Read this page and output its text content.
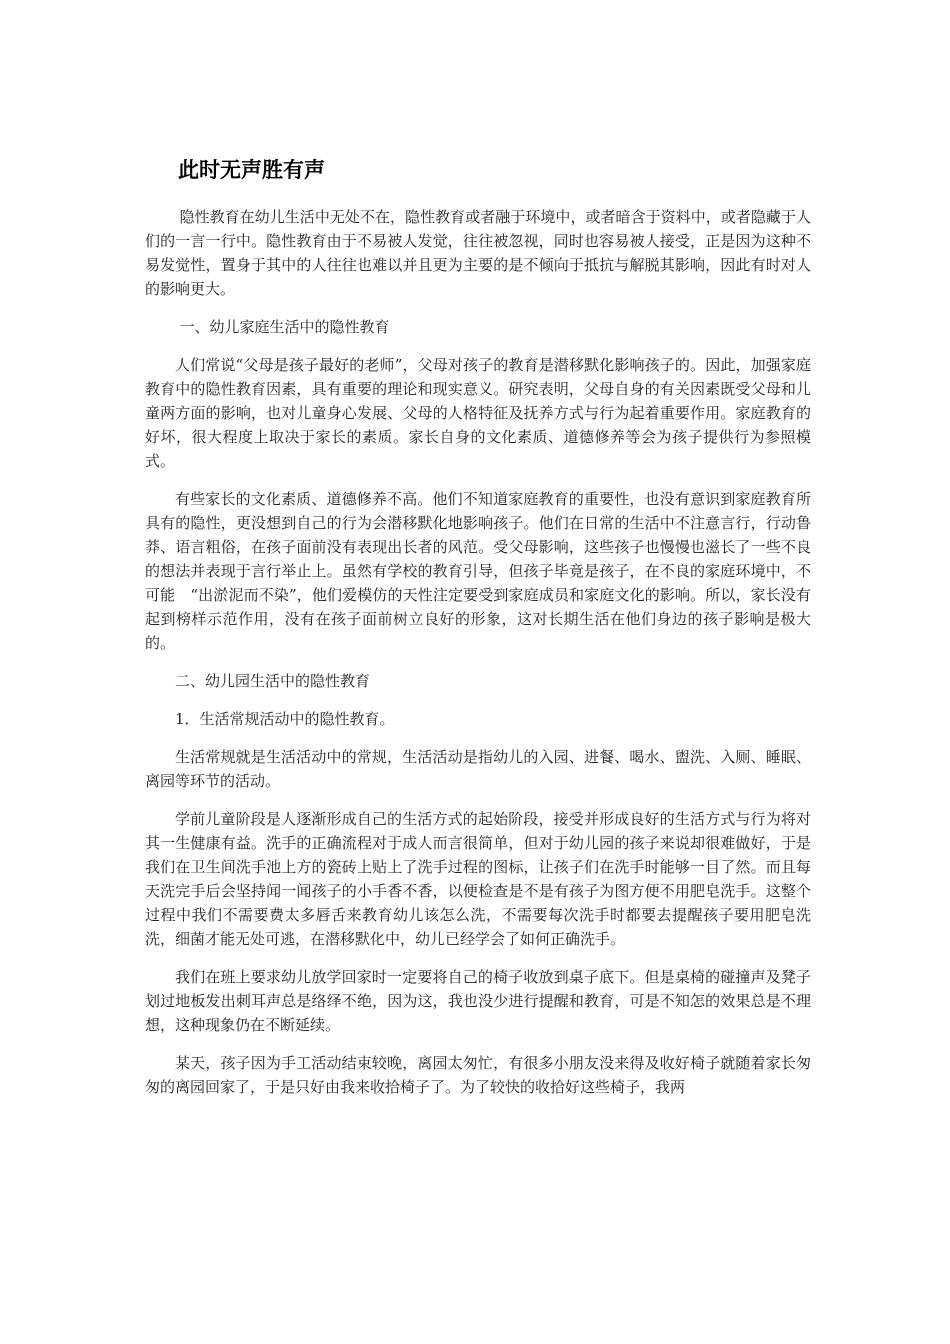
此时无声胜有声

隐性教育在幼儿生活中无处不在，隐性教育或者融于环境中，或者暗含于资料中，或者隐藏于人们的一言一行中。隐性教育由于不易被人发觉，往往被忽视，同时也容易被人接受，正是因为这种不易发觉性，置身于其中的人往往也难以并且更为主要的是不倾向于抵抗与解脱其影响，因此有时对人的影响更大。

一、幼儿家庭生活中的隐性教育

人们常说“父母是孩子最好的老师”，父母对孩子的教育是潜移默化影响孩子的。因此，加强家庭教育中的隐性教育因素，具有重要的理论和现实意义。研究表明，父母自身的有关因素既受父母和儿童两方面的影响，也对儿童身心发展、父母的人格特征及抚养方式与行为起着重要作用。家庭教育的好坏，很大程度上取决于家长的素质。家长自身的文化素质、道德修养等会为孩子提供行为参照模式。

有些家长的文化素质、道德修养不高。他们不知道家庭教育的重要性，也没有意识到家庭教育所具有的隐性，更没想到自己的行为会潜移默化地影响孩子。他们在日常的生活中不注意言行，行动鲁莽、语言粗俗，在孩子面前没有表现出长者的风范。受父母影响，这些孩子也慢慢也滋长了一些不良的想法并表现于言行举止上。虽然有学校的教育引导，但孩子毕竟是孩子，在不良的家庭环境中，不可能　“出淤泥而不染”，他们爱模仿的天性注定要受到家庭成员和家庭文化的影响。所以，家长没有起到榜样示范作用，没有在孩子面前树立良好的形象，这对长期生活在他们身边的孩子影响是极大的。

二、幼儿园生活中的隐性教育

1．生活常规活动中的隐性教育。

生活常规就是生活活动中的常规，生活活动是指幼儿的入园、进餐、喝水、盥洗、入厕、睡眠、离园等环节的活动。

学前儿童阶段是人逐渐形成自己的生活方式的起始阶段，接受并形成良好的生活方式与行为将对其一生健康有益。洗手的正确流程对于成人而言很简单，但对于幼儿园的孩子来说却很难做好，于是我们在卫生间洗手池上方的瓷砖上贴上了洗手过程的图标，让孩子们在洗手时能够一目了然。而且每天洗完手后会坚持闻一闻孩子的小手香不香，以便检查是不是有孩子为图方便不用肥皂洗手。这整个过程中我们不需要费太多唇舌来教育幼儿该怎么洗，不需要每次洗手时都要去提醒孩子要用肥皂洗洗，细菌才能无处可逃，在潜移默化中，幼儿已经学会了如何正确洗手。

我们在班上要求幼儿放学回家时一定要将自己的椅子收放到桌子底下。但是桌椅的碰撞声及凳子划过地板发出刺耳声总是络绎不绝，因为这，我也没少进行提醒和教育，可是不知怎的效果总是不理想，这种现象仍在不断延续。

某天，孩子因为手工活动结束较晚，离园太匆忙，有很多小朋友没来得及收好椅子就随着家长匆匆的离园回家了，于是只好由我来收拾椅子了。为了较快的收拾好这些椅子，我两
